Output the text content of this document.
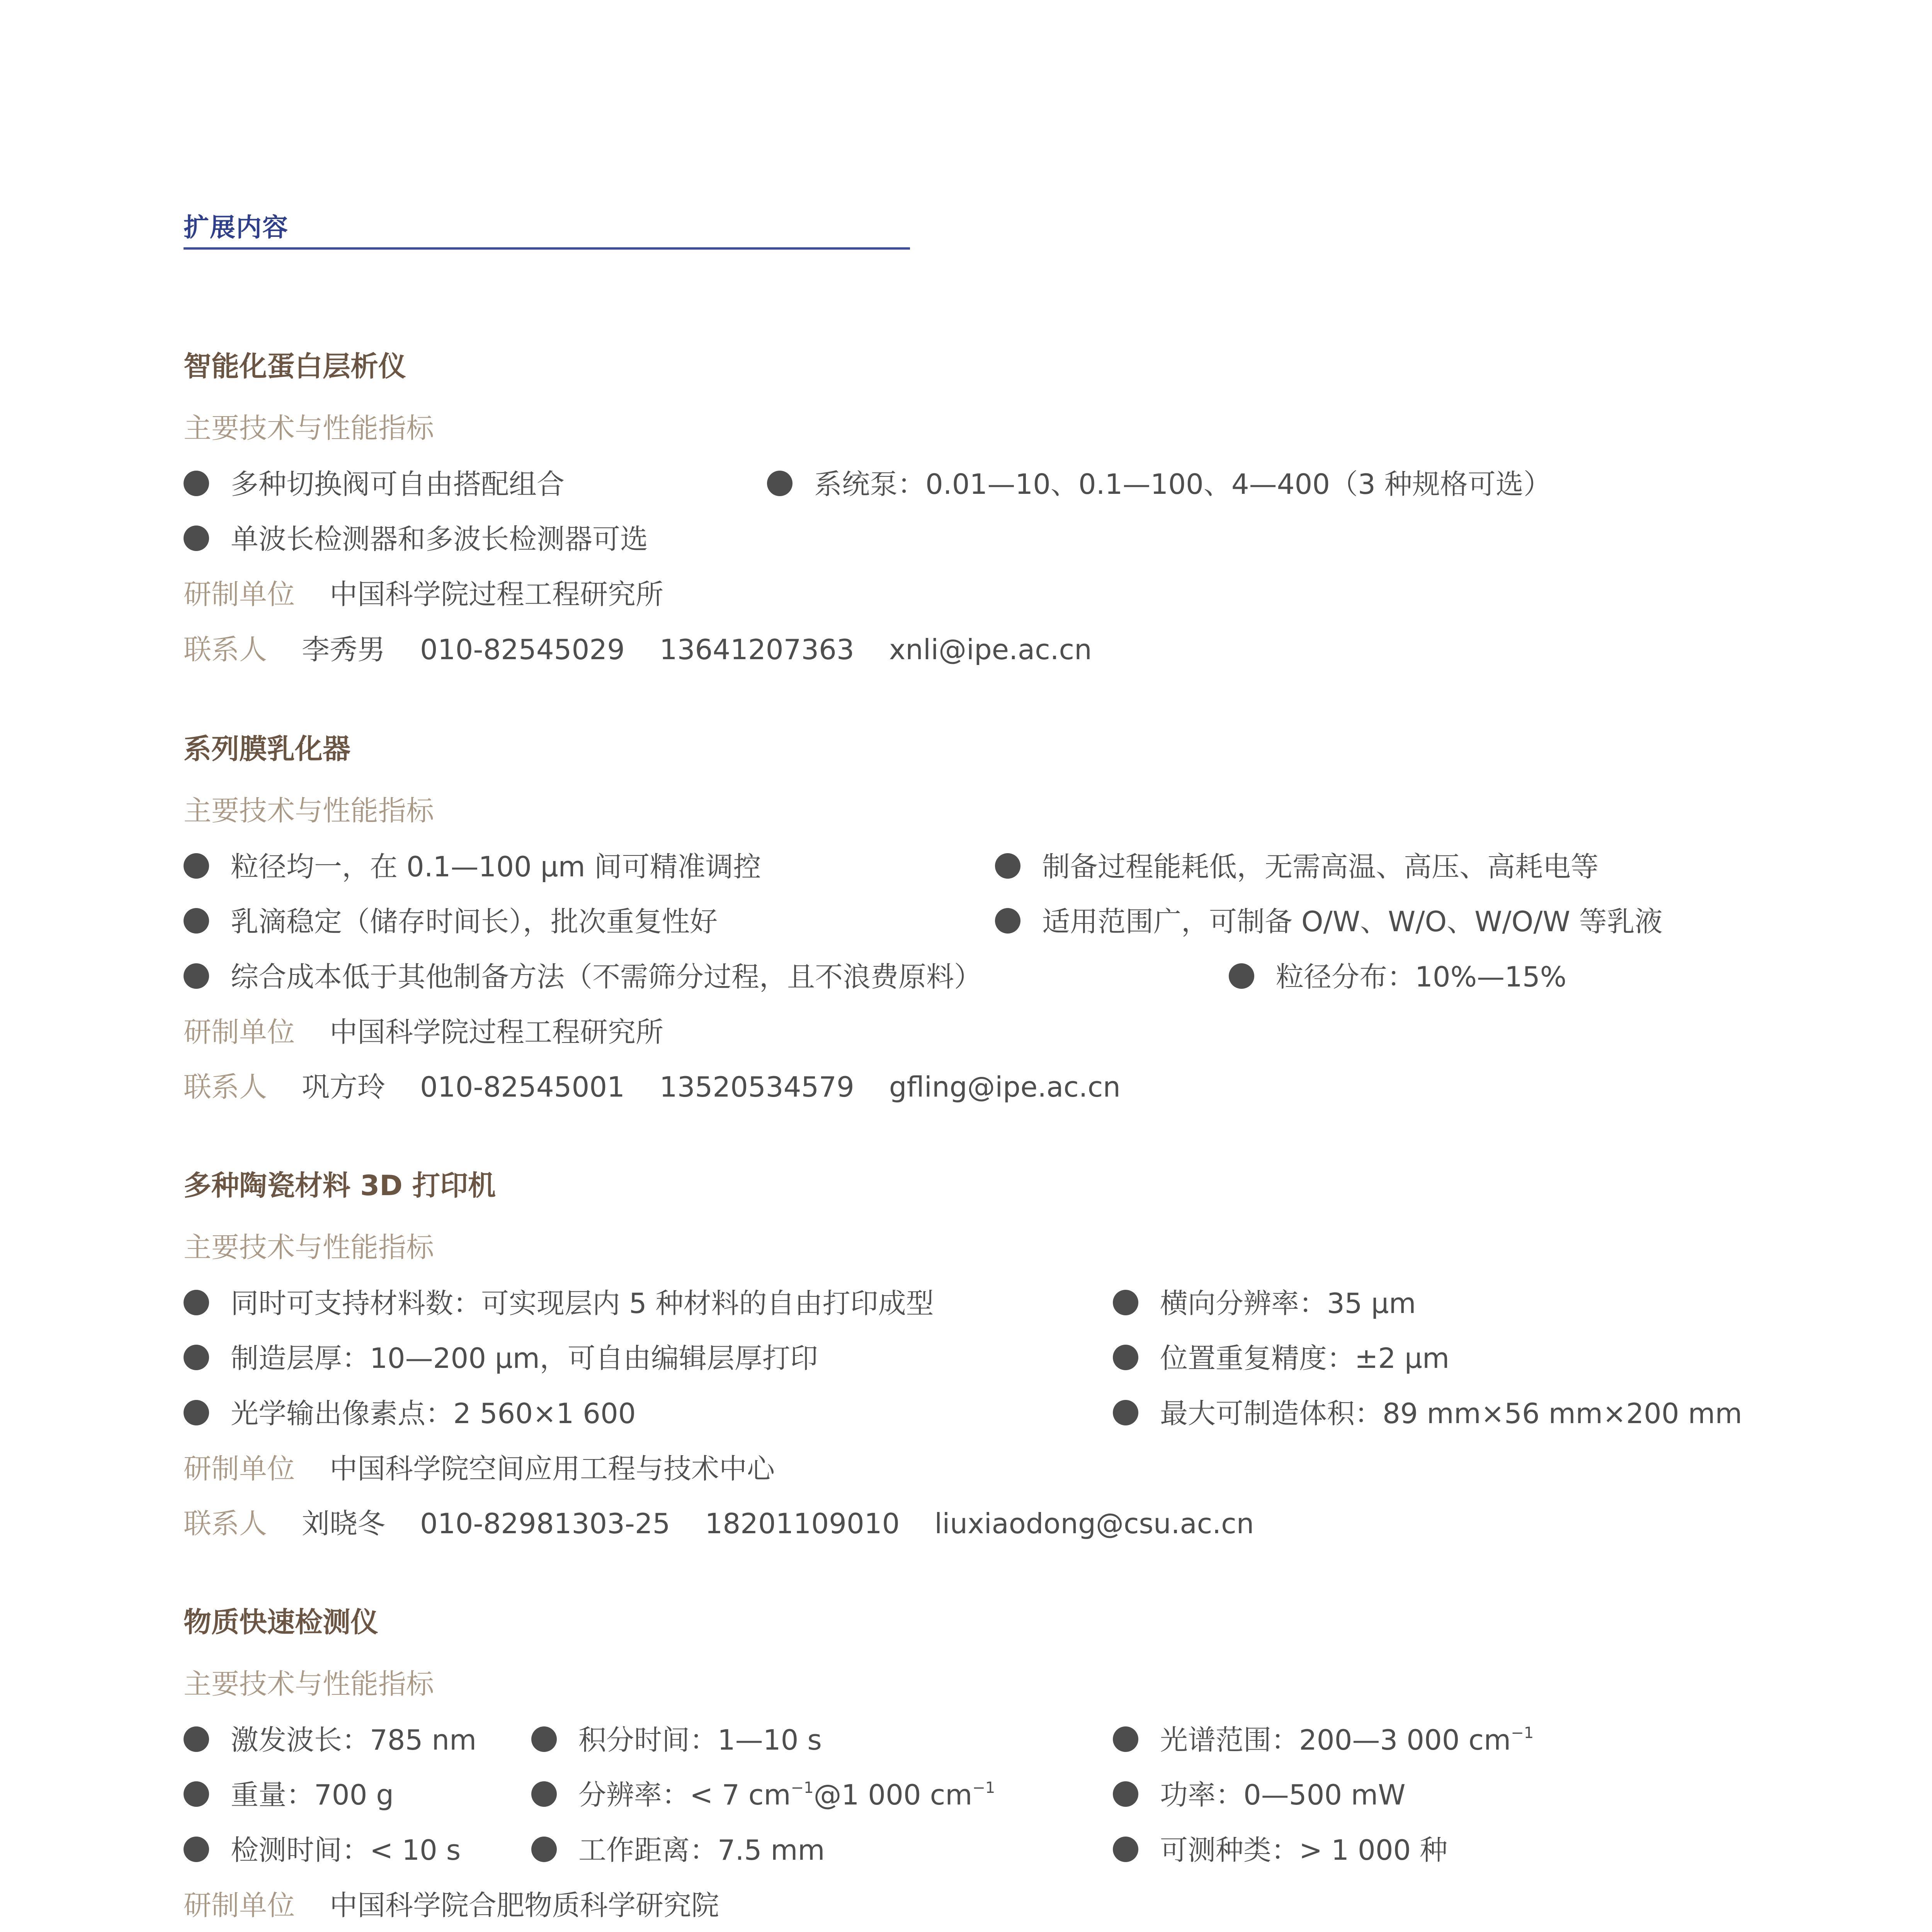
扩展内容
智能化蛋白层析仪
主要技术与性能指标
多种切换阀可自由搭配组合	系统泵：0.01—10、0.1—100、4—400（3 种规格可选）
单波长检测器和多波长检测器可选
研制单位 中国科学院过程工程研究所
联系人 李秀男 010-82545029 13641207363 xnli@ipe.ac.cn
系列膜乳化器
主要技术与性能指标
粒径均一，在 0.1—100 μm 间可精准调控	制备过程能耗低，无需高温、高压、高耗电等
乳滴稳定（储存时间长），批次重复性好	适用范围广，可制备 O/W、W/O、W/O/W 等乳液
综合成本低于其他制备方法（不需筛分过程，且不浪费原料）	粒径分布：10%—15%
研制单位 中国科学院过程工程研究所
联系人 巩方玲 010-82545001 13520534579 gfling@ipe.ac.cn
多种陶瓷材料 3D 打印机
主要技术与性能指标
同时可支持材料数：可实现层内 5 种材料的自由打印成型	横向分辨率：35 μm
制造层厚：10—200 μm，可自由编辑层厚打印	位置重复精度：±2 μm
光学输出像素点：2 560×1 600	最大可制造体积：89 mm×56 mm×200 mm
研制单位 中国科学院空间应用工程与技术中心
联系人 刘晓冬 010-82981303-25 18201109010 liuxiaodong@csu.ac.cn
物质快速检测仪
主要技术与性能指标
激发波长：785 nm	积分时间：1—10 s	光谱范围：200—3 000 $cm^{-1}$
重量：700 g	分辨率：< 7 $cm^{-1}@1$ 000 $cm^{-1}$	功率：0—500 mW
检测时间：< 10 s	工作距离：7.5 mm	可测种类：> 1 000 种
研制单位 中国科学院合肥物质科学研究院
